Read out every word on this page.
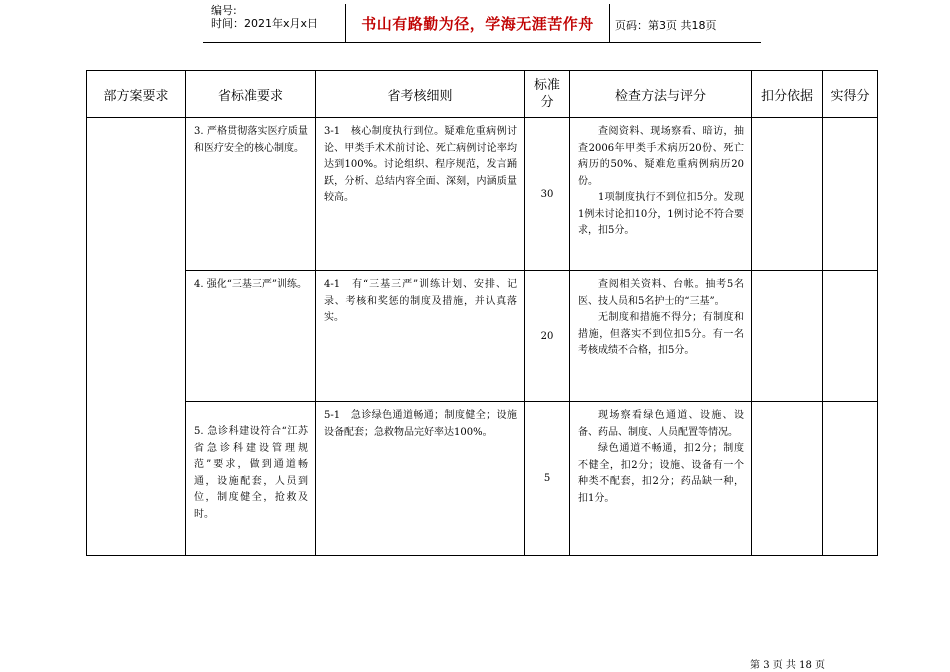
编号:
时间：2021年x月x日	书山有路勤为径，学海无涯苦作舟	页码：第3页 共18页
部方案要求	省标准要求	省考核细则	标准分	检查方法与评分	扣分依据	实得分

	3. 严格贯彻落实医疗质量和医疗安全的核心制度。	3-1　核心制度执行到位。疑难危重病例讨论、甲类手术术前讨论、死亡病例讨论率均达到100%。讨论组织、程序规范，发言踊跃，分析、总结内容全面、深刻，内涵质量较高。	30	查阅资料、现场察看、暗访，抽查2006年甲类手术病历20份、死亡病历的50%、疑难危重病例病历20份。
1项制度执行不到位扣5分。发现1例未讨论扣10分，1例讨论不符合要求，扣5分。		

	4. 强化“三基三严”训练。	4-1　有“三基三严”训练计划、安排、记录、考核和奖惩的制度及措施，并认真落实。	20	查阅相关资料、台帐。抽考5名医、技人员和5名护士的“三基”。
无制度和措施不得分；有制度和措施，但落实不到位扣5分。有一名考核成绩不合格，扣5分。		

	5. 急诊科建设符合“江苏省急诊科建设管理规范”要求，做到通道畅通，设施配套，人员到位，制度健全，抢救及时。	5-1　急诊绿色通道畅通；制度健全；设施设备配套；急救物品完好率达100%。	5	现场察看绿色通道、设施、设备、药品、制度、人员配置等情况。
绿色通道不畅通，扣2分；制度不健全，扣2分；设施、设备有一个种类不配套，扣2分；药品缺一种，扣1分。		

第 3 页 共 18 页
